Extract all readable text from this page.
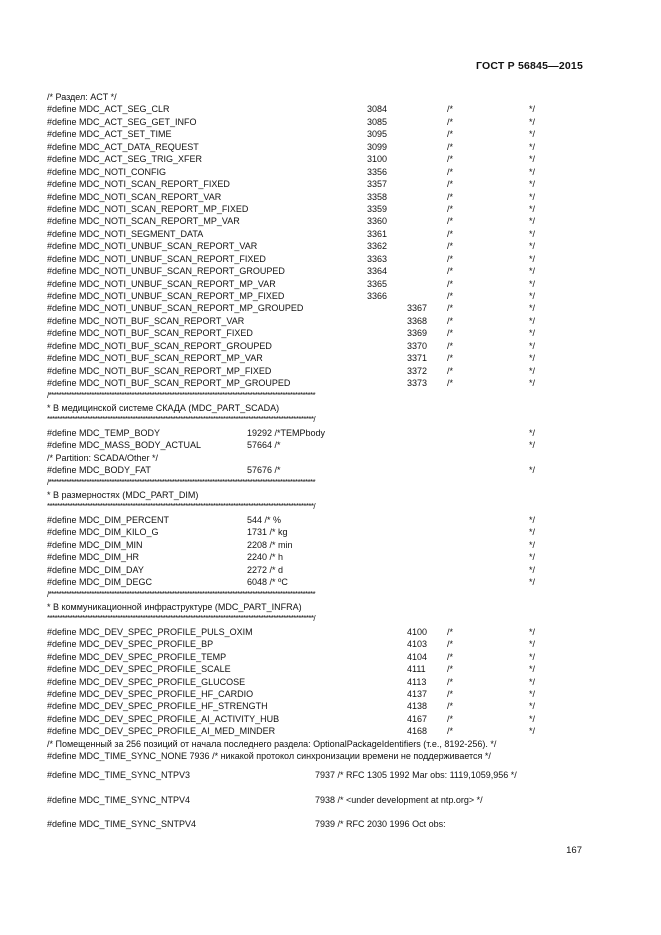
ГОСТ Р 56845—2015
/* Раздел: ACT */
#define MDC_ACT_SEG_CLR	3084	/*	*/
#define MDC_ACT_SEG_GET_INFO	3085	/*	*/
#define MDC_ACT_SET_TIME	3095	/*	*/
#define MDC_ACT_DATA_REQUEST	3099	/*	*/
#define MDC_ACT_SEG_TRIG_XFER	3100	/*	*/
#define MDC_NOTI_CONFIG	3356	/*	*/
#define MDC_NOTI_SCAN_REPORT_FIXED	3357	/*	*/
#define MDC_NOTI_SCAN_REPORT_VAR	3358	/*	*/
#define MDC_NOTI_SCAN_REPORT_MP_FIXED	3359	/*	*/
#define MDC_NOTI_SCAN_REPORT_MP_VAR	3360	/*	*/
#define MDC_NOTI_SEGMENT_DATA	3361	/*	*/
#define MDC_NOTI_UNBUF_SCAN_REPORT_VAR	3362	/*	*/
#define MDC_NOTI_UNBUF_SCAN_REPORT_FIXED	3363	/*	*/
#define MDC_NOTI_UNBUF_SCAN_REPORT_GROUPED	3364	/*	*/
#define MDC_NOTI_UNBUF_SCAN_REPORT_MP_VAR	3365	/*	*/
#define MDC_NOTI_UNBUF_SCAN_REPORT_MP_FIXED	3366	/*	*/
#define MDC_NOTI_UNBUF_SCAN_REPORT_MP_GROUPED	3367 /*	*/
#define MDC_NOTI_BUF_SCAN_REPORT_VAR	3368 /*	*/
#define MDC_NOTI_BUF_SCAN_REPORT_FIXED	3369 /*	*/
#define MDC_NOTI_BUF_SCAN_REPORT_GROUPED	3370 /*	*/
#define MDC_NOTI_BUF_SCAN_REPORT_MP_VAR	3371 /*	*/
#define MDC_NOTI_BUF_SCAN_REPORT_MP_FIXED	3372 /*	*/
#define MDC_NOTI_BUF_SCAN_REPORT_MP_GROUPED	3373 /*	*/
/**********************************************************************************************************
* В медицинской системе СКАДА (MDC_PART_SCADA)
**********************************************************************************************************/
#define MDC_TEMP_BODY	19292 /*TEMPbody	*/
#define MDC_MASS_BODY_ACTUAL	57664 /*	*/
/* Partition: SCADA/Other */
#define MDC_BODY_FAT	57676 /*	*/
/**********************************************************************************************************
* В размерностях (MDC_PART_DIM)
**********************************************************************************************************/
#define MDC_DIM_PERCENT	544 /* %	*/
#define MDC_DIM_KILO_G	1731 /* kg	*/
#define MDC_DIM_MIN	2208 /* min	*/
#define MDC_DIM_HR	2240 /* h	*/
#define MDC_DIM_DAY	2272 /* d	*/
#define MDC_DIM_DEGC	6048 /* ºC	*/
/**********************************************************************************************************
* В коммуникационной инфраструктуре (MDC_PART_INFRA)
**********************************************************************************************************/
#define MDC_DEV_SPEC_PROFILE_PULS_OXIM	4100 /*	*/
#define MDC_DEV_SPEC_PROFILE_BP	4103 /*	*/
#define MDC_DEV_SPEC_PROFILE_TEMP	4104 /*	*/
#define MDC_DEV_SPEC_PROFILE_SCALE	4111 /*	*/
#define MDC_DEV_SPEC_PROFILE_GLUCOSE	4113 /*	*/
#define MDC_DEV_SPEC_PROFILE_HF_CARDIO	4137 /*	*/
#define MDC_DEV_SPEC_PROFILE_HF_STRENGTH	4138 /*	*/
#define MDC_DEV_SPEC_PROFILE_AI_ACTIVITY_HUB	4167 /*	*/
#define MDC_DEV_SPEC_PROFILE_AI_MED_MINDER	4168 /*	*/
/* Помещенный за 256 позиций от начала последнего раздела: OptionalPackageIdentifiers (т.е., 8192-256). */
#define MDC_TIME_SYNC_NONE 7936 /* никакой протокол синхронизации времени не поддерживается */
#define MDC_TIME_SYNC_NTPV3	7937 /* RFC 1305 1992 Mar obs: 1119,1059,956 */
#define MDC_TIME_SYNC_NTPV4	7938 /* <under development at ntp.org> */
#define MDC_TIME_SYNC_SNTPV4	7939 /* RFC 2030 1996 Oct obs:
167
